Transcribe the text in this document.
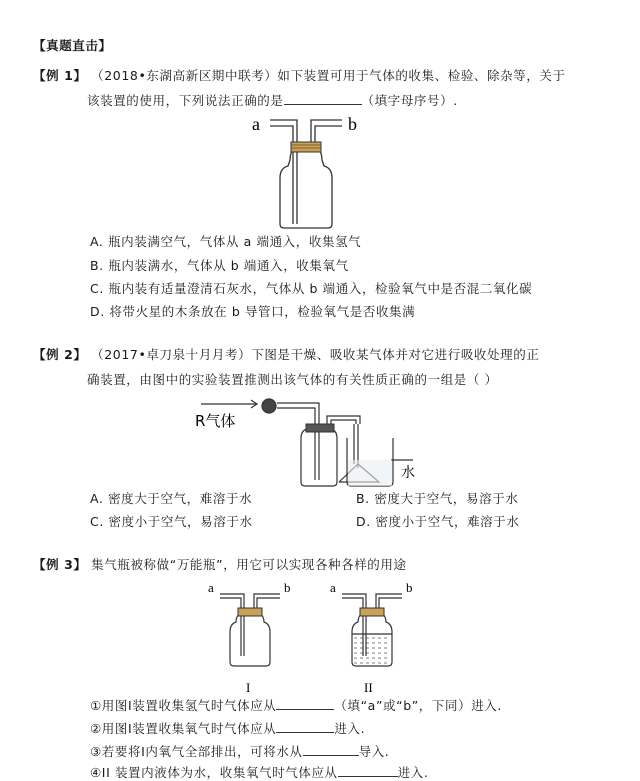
【真题直击】
【例 1】 （2018•东湖高新区期中联考）如下装置可用于气体的收集、检验、除杂等，关于
该装置的使用，下列说法正确的是	（填字母序号）.
a	b
A. 瓶内装满空气，气体从 a 端通入，收集氢气
B. 瓶内装满水，气体从 b 端通入，收集氧气
C. 瓶内装有适量澄清石灰水，气体从 b 端通入，检验氧气中是否混二氧化碳
D. 将带火星的木条放在 b 导管口，检验氧气是否收集满
【例 2】 （2017•卓刀泉十月月考）下图是干燥、吸收某气体并对它进行吸收处理的正
确装置，由图中的实验装置推测出该气体的有关性质正确的一组是（ ）
R气体
水
A. 密度大于空气，难溶于水	B. 密度大于空气，易溶于水
C. 密度小于空气，易溶于水	D. 密度小于空气，难溶于水
【例 3】 集气瓶被称做“万能瓶”，用它可以实现各种各样的用途
a	b
I
a	b
II
①用图Ⅰ装置收集氢气时气体应从	（填“a”或“b”，下同）进入.
②用图Ⅰ装置收集氧气时气体应从	进入.
③若要将Ⅰ内氧气全部排出，可将水从	导入.
④II 装置内液体为水，收集氧气时气体应从	进入.
